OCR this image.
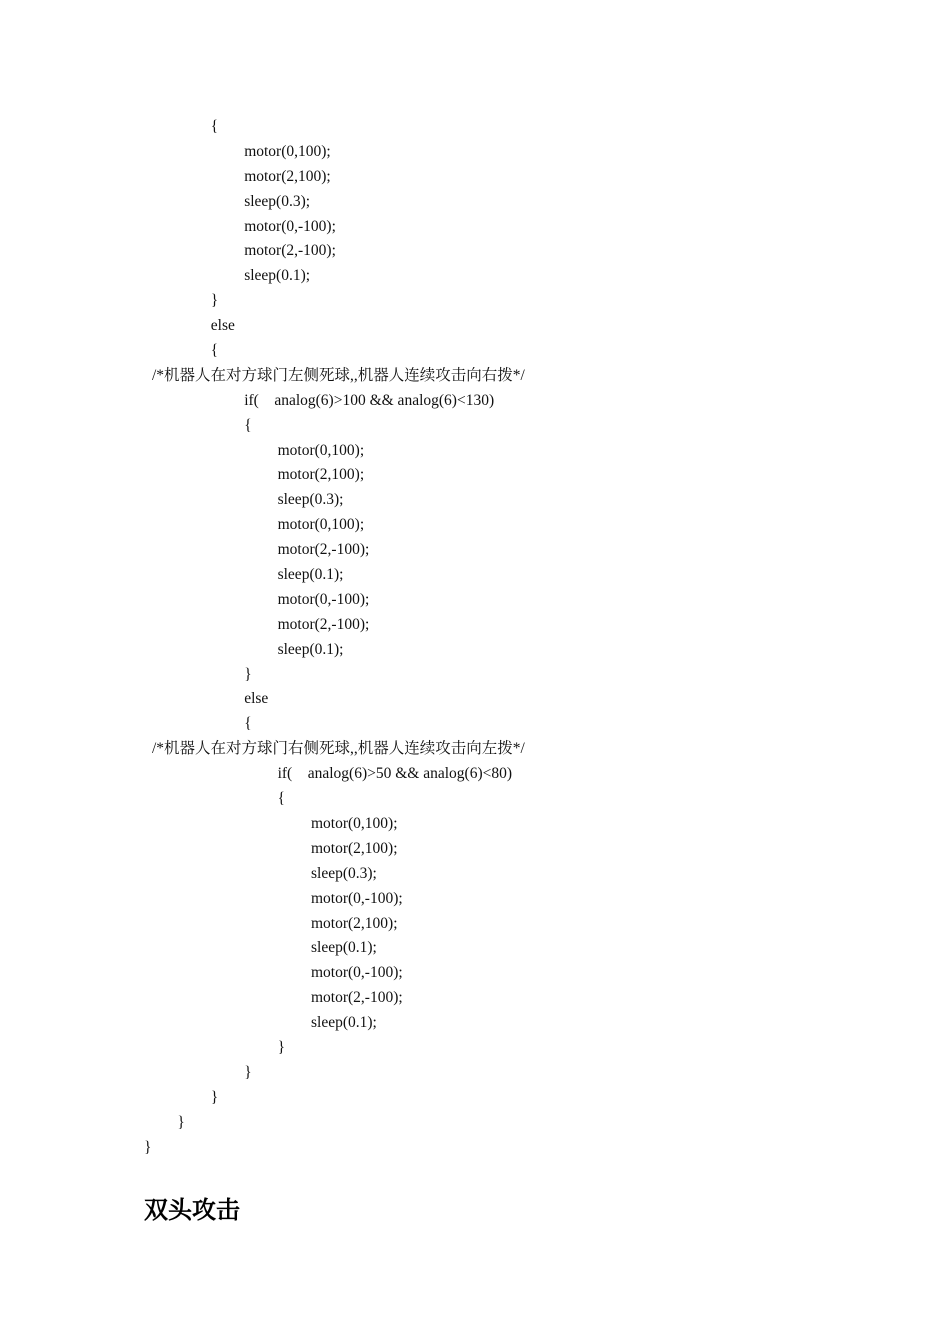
{
motor(0,100);
motor(2,100);
sleep(0.3);
motor(0,-100);
motor(2,-100);
sleep(0.1);
}
else
{
/*机器人在对方球门左侧死球,,机器人连续攻击向右拨*/
if(    analog(6)>100 && analog(6)<130)
{
motor(0,100);
motor(2,100);
sleep(0.3);
motor(0,100);
motor(2,-100);
sleep(0.1);
motor(0,-100);
motor(2,-100);
sleep(0.1);
}
else
{
/*机器人在对方球门右侧死球,,机器人连续攻击向左拨*/
if(    analog(6)>50 && analog(6)<80)
{
motor(0,100);
motor(2,100);
sleep(0.3);
motor(0,-100);
motor(2,100);
sleep(0.1);
motor(0,-100);
motor(2,-100);
sleep(0.1);
}
}
}
}
}
双头攻击
